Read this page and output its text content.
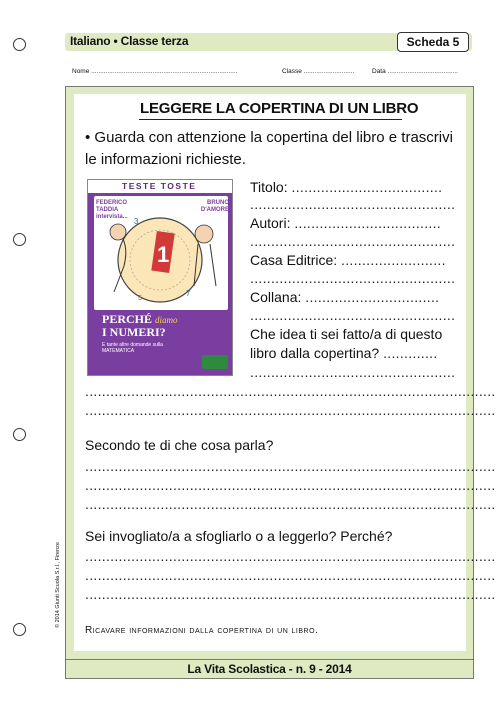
Italiano • Classe terza	Scheda 5
Nome .................................................................................	Classe ............................	Data .......................................
LEGGERE LA COPERTINA DI UN LIBRO
• Guarda con attenzione la copertina del libro e trascrivi le informazioni richieste.
TESTE TOSTE
1
3
7
5
FEDERICO TADDIA intervista...
BRUNO D'AMORE
PERCHÉ diamo
I NUMERI?
E tante altre domande sulla MATEMATICA
Titolo: ....................................
.................................................
Autori: ...................................
.................................................
Casa Editrice: .........................
.................................................
Collana: ................................
.................................................
Che idea ti sei fatto/a di questo
libro dalla copertina? .............
.................................................
..................................................................................................
..................................................................................................
Secondo te di che cosa parla?
..................................................................................................
..................................................................................................
..................................................................................................
Sei invogliato/a a sfogliarlo o a leggerlo? Perché?
..................................................................................................
..................................................................................................
..................................................................................................
Ricavare informazioni dalla copertina di un libro.
© 2014 Giunti Scuola S.r.l., Firenze
La Vita Scolastica - n. 9 - 2014
